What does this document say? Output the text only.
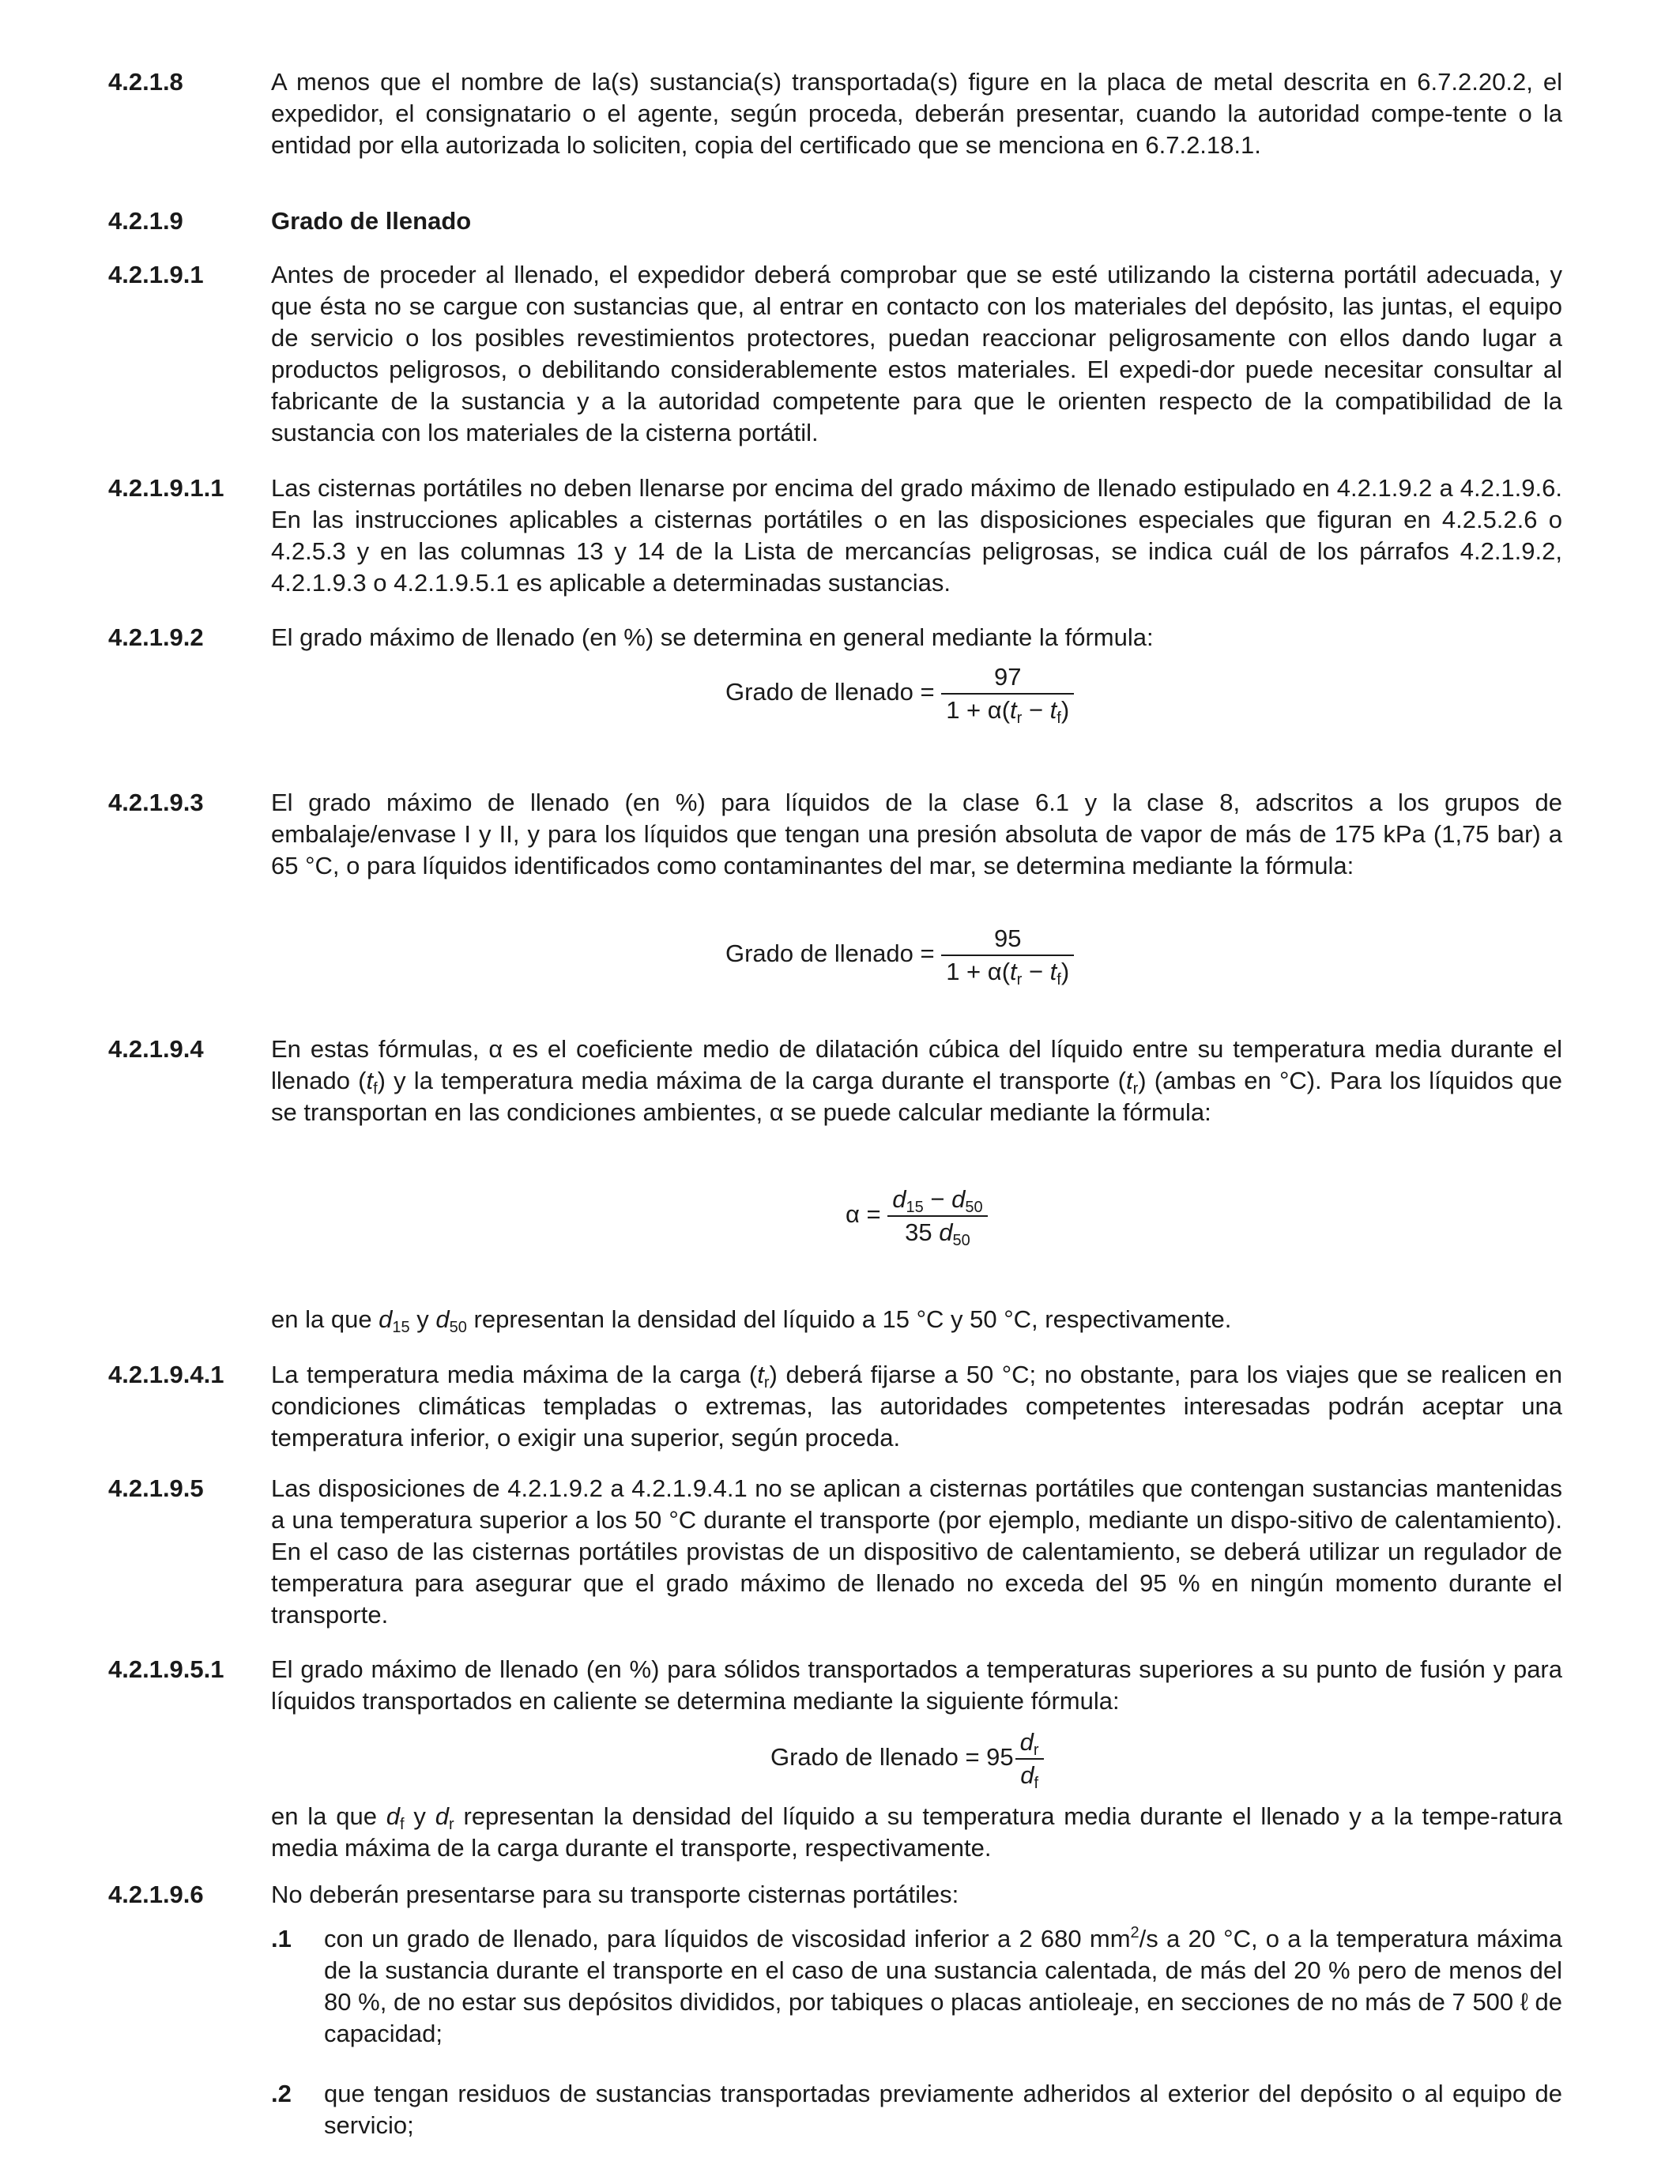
4.2.1.8	A menos que el nombre de la(s) sustancia(s) transportada(s) figure en la placa de metal descrita en 6.7.2.20.2, el expedidor, el consignatario o el agente, según proceda, deberán presentar, cuando la autoridad compe-tente o la entidad por ella autorizada lo soliciten, copia del certificado que se menciona en 6.7.2.18.1.

4.2.1.9	Grado de llenado

4.2.1.9.1	Antes de proceder al llenado, el expedidor deberá comprobar que se esté utilizando la cisterna portátil adecuada, y que ésta no se cargue con sustancias que, al entrar en contacto con los materiales del depósito, las juntas, el equipo de servicio o los posibles revestimientos protectores, puedan reaccionar peligrosamente con ellos dando lugar a productos peligrosos, o debilitando considerablemente estos materiales. El expedi-dor puede necesitar consultar al fabricante de la sustancia y a la autoridad competente para que le orienten respecto de la compatibilidad de la sustancia con los materiales de la cisterna portátil.

4.2.1.9.1.1 Las cisternas portátiles no deben llenarse por encima del grado máximo de llenado estipulado en 4.2.1.9.2 a 4.2.1.9.6. En las instrucciones aplicables a cisternas portátiles o en las disposiciones especiales que figuran en 4.2.5.2.6 o 4.2.5.3 y en las columnas 13 y 14 de la Lista de mercancías peligrosas, se indica cuál de los párrafos 4.2.1.9.2, 4.2.1.9.3 o 4.2.1.9.5.1 es aplicable a determinadas sustancias.

4.2.1.9.2	El grado máximo de llenado (en %) se determina en general mediante la fórmula:

Grado de llenado = $\frac{97}{1 + \alpha(t_r - t_f)}$
4.2.1.9.3	El grado máximo de llenado (en %) para líquidos de la clase 6.1 y la clase 8, adscritos a los grupos de embalaje/envase I y II, y para los líquidos que tengan una presión absoluta de vapor de más de 175 kPa (1,75 bar) a 65 °C, o para líquidos identificados como contaminantes del mar, se determina mediante la fórmula:

Grado de llenado = $\frac{95}{1 + \alpha(t_r - t_f)}$
4.2.1.9.4	En estas fórmulas, α es el coeficiente medio de dilatación cúbica del líquido entre su temperatura media durante el llenado $(t_f)$ y la temperatura media máxima de la carga durante el transporte $(t_r)$ (ambas en °C). Para los líquidos que se transportan en las condiciones ambientes, α se puede calcular mediante la fórmula:

$\alpha = \frac{d_{15} - d_{50}}{35 d_{50}}$

en la que $d_{15}$ y $d_{50}$ representan la densidad del líquido a 15 °C y 50 °C, respectivamente.

4.2.1.9.4.1 La temperatura media máxima de la carga $(t_r)$ deberá fijarse a 50 °C; no obstante, para los viajes que se realicen en condiciones climáticas templadas o extremas, las autoridades competentes interesadas podrán aceptar una temperatura inferior, o exigir una superior, según proceda.

4.2.1.9.5	Las disposiciones de 4.2.1.9.2 a 4.2.1.9.4.1 no se aplican a cisternas portátiles que contengan sustancias mantenidas a una temperatura superior a los 50 °C durante el transporte (por ejemplo, mediante un dispo-sitivo de calentamiento). En el caso de las cisternas portátiles provistas de un dispositivo de calentamiento, se deberá utilizar un regulador de temperatura para asegurar que el grado máximo de llenado no exceda del 95 % en ningún momento durante el transporte.

4.2.1.9.5.1 El grado máximo de llenado (en %) para sólidos transportados a temperaturas superiores a su punto de fusión y para líquidos transportados en caliente se determina mediante la siguiente fórmula:

Grado de llenado = $95 \frac{d_r}{d_f}$

en la que $d_f$ y $d_r$ representan la densidad del líquido a su temperatura media durante el llenado y a la tempe-ratura media máxima de la carga durante el transporte, respectivamente.

4.2.1.9.6	No deberán presentarse para su transporte cisternas portátiles:

.1 con un grado de llenado, para líquidos de viscosidad inferior a 2 680 $mm^2/s$ a 20 °C, o a la temperatura máxima de la sustancia durante el transporte en el caso de una sustancia calentada, de más del 20 % pero de menos del 80 %, de no estar sus depósitos divididos, por tabiques o placas antioleaje, en secciones de no más de 7 500 ℓ de capacidad;

.2 que tengan residuos de sustancias transportadas previamente adheridos al exterior del depósito o al equipo de servicio;
